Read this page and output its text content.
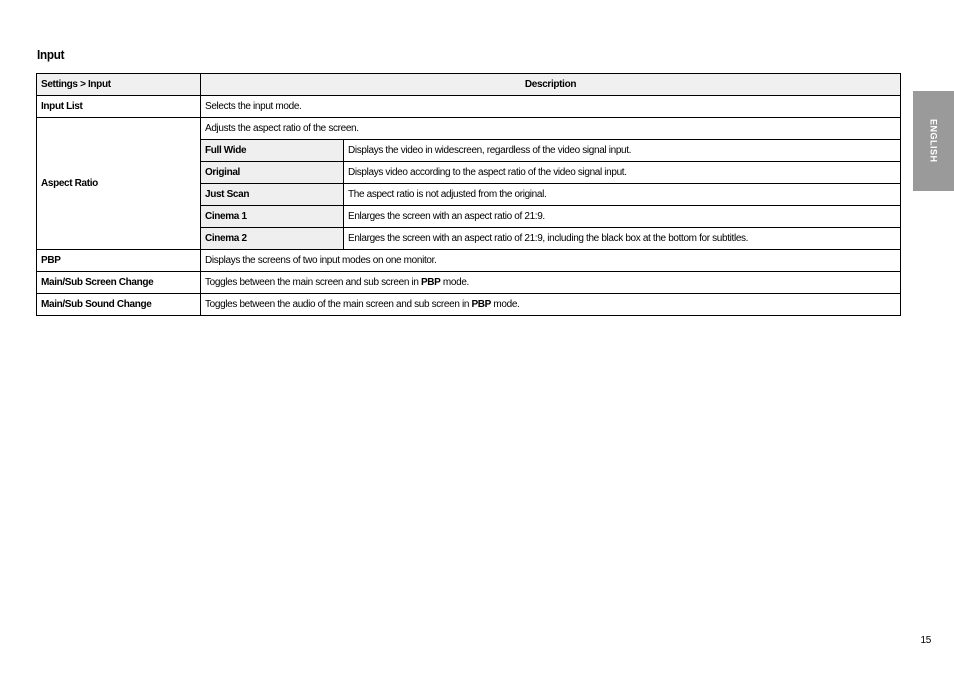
Input
Settings > Input	Description	
Input List	Selects the input mode.	
Aspect Ratio	Adjusts the aspect ratio of the screen.	
	Full Wide	Displays the video in widescreen, regardless of the video signal input.
	Original	Displays video according to the aspect ratio of the video signal input.
	Just Scan	The aspect ratio is not adjusted from the original.
	Cinema 1	Enlarges the screen with an aspect ratio of 21:9.
	Cinema 2	Enlarges the screen with an aspect ratio of 21:9, including the black box at the bottom for subtitles.
PBP	Displays the screens of two input modes on one monitor.	
Main/Sub Screen Change	Toggles between the main screen and sub screen in PBP mode.	
Main/Sub Sound Change	Toggles between the audio of the main screen and sub screen in PBP mode.	
ENGLISH
15
